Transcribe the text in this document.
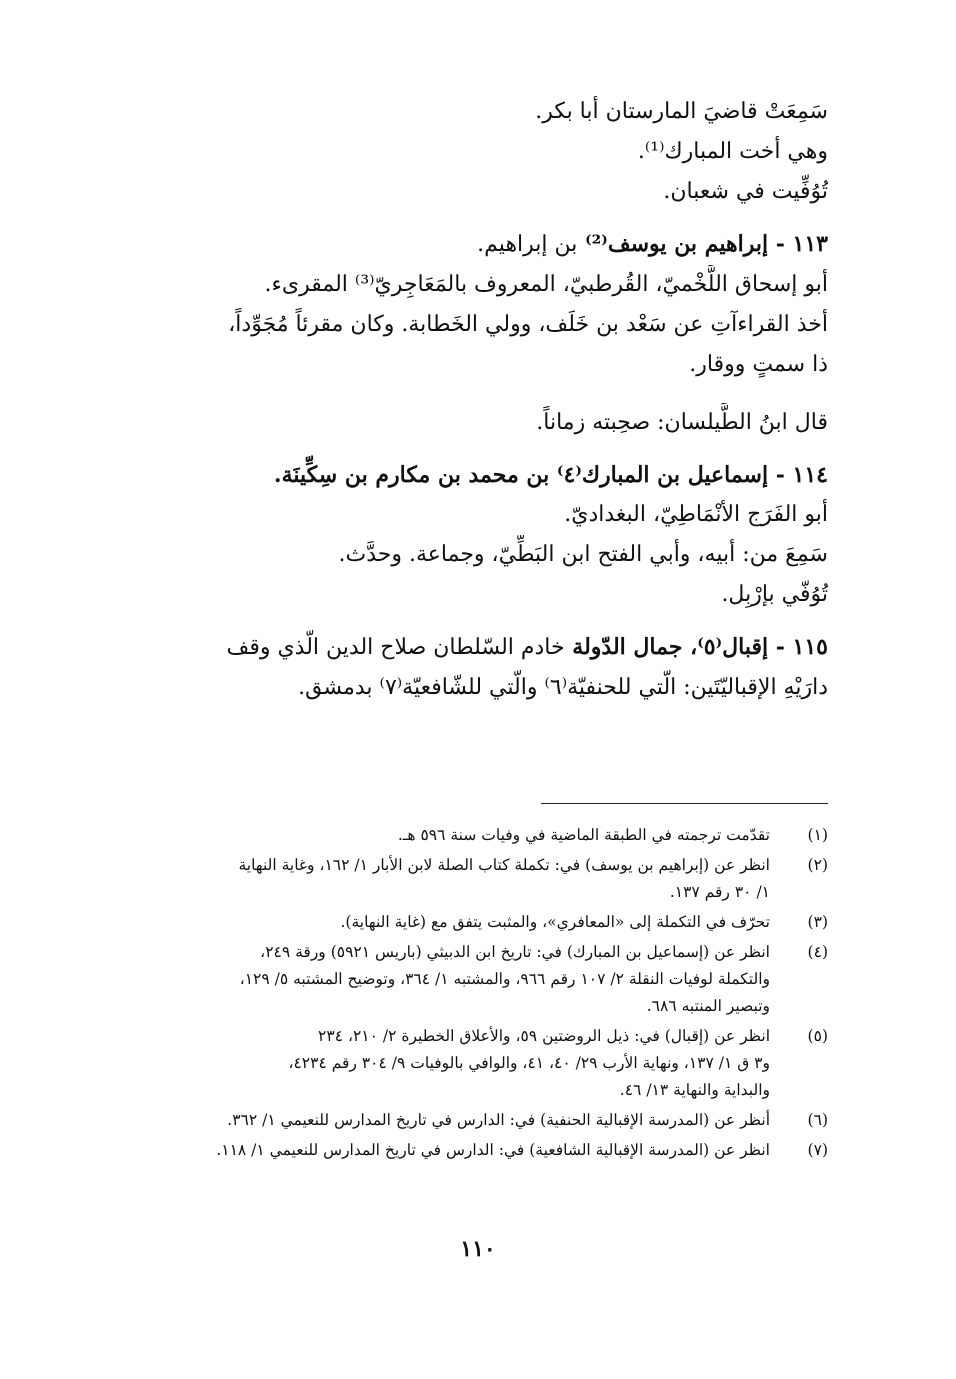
سَمِعَتْ قاضيَ المارستان أبا بكر.
وهي أخت المبارك⁽¹⁾.
تُوُفِّيت في شعبان.
١١٣ - إبراهيم بن يوسف⁽²⁾ بن إبراهيم.
أبو إسحاق اللَّخْميّ، القُرطبيّ، المعروف بالمَعَاجِريّ⁽³⁾ المقرىء.
أخذ القراءآتِ عن سَعْد بن خَلَف، وولي الخَطابة. وكان مقرئاً مُجَوِّداً،
ذا سمتٍ ووقار.
قال ابنُ الطَّيلسان: صحِبته زماناً.
١١٤ - إسماعيل بن المبارك⁽٤⁾ بن محمد بن مكارم بن سِكِّينَة.
أبو الفَرَج الأنْمَاطِيّ، البغداديّ.
سَمِعَ من: أبيه، وأبي الفتح ابن البَطِّيّ، وجماعة. وحدَّث.
تُوُفّي بإرْبِل.
١١٥ - إقبال⁽٥⁾، جمال الدّولة خادم السّلطان صلاح الدين الّذي وقف
دارَيْهِ الإقباليّتَين: الّتي للحنفيّة⁽٦⁾ والّتي للشّافعيّة⁽٧⁾ بدمشق.
(١)
تقدّمت ترجمته في الطبقة الماضية في وفيات سنة ٥٩٦ هـ.
(٢)
انظر عن (إبراهيم بن يوسف) في: تكملة كتاب الصلة لابن الأبار ١/ ١٦٢، وغاية النهاية
١/ ٣٠ رقم ١٣٧.
(٣)
تحرّف في التكملة إلى «المعافري»، والمثبت يتفق مع (غاية النهاية).
(٤)
انظر عن (إسماعيل بن المبارك) في: تاريخ ابن الدبيثي (باريس ٥٩٢١) ورقة ٢٤٩،
والتكملة لوفيات النقلة ٢/ ١٠٧ رقم ٩٦٦، والمشتبه ١/ ٣٦٤، وتوضيح المشتبه ٥/ ١٢٩،
وتبصير المنتبه ٦٨٦.
(٥)
انظر عن (إقبال) في: ذيل الروضتين ٥٩، والأعلاق الخطيرة ٢/ ٢١٠، ٢٣٤
و٣ ق ١/ ١٣٧، ونهاية الأرب ٢٩/ ٤٠، ٤١، والوافي بالوفيات ٩/ ٣٠٤ رقم ٤٢٣٤،
والبداية والنهاية ١٣/ ٤٦.
(٦)
أنظر عن (المدرسة الإقبالية الحنفية) في: الدارس في تاريخ المدارس للنعيمي ١/ ٣٦٢.
(٧)
انظر عن (المدرسة الإقبالية الشافعية) في: الدارس في تاريخ المدارس للنعيمي ١/ ١١٨.
١١٠
